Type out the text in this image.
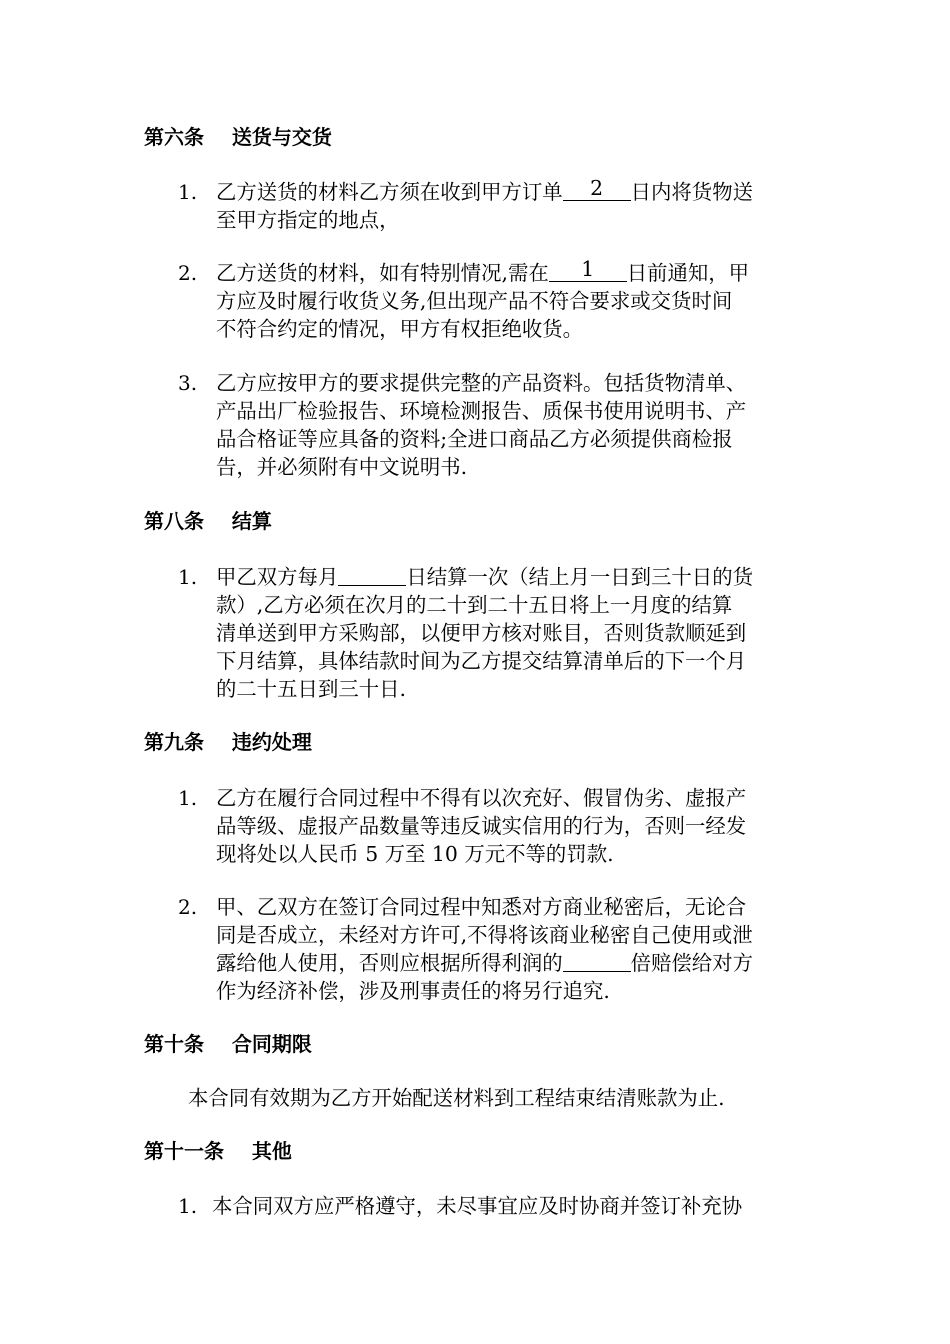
第六条    送货与交货
1. 乙方送货的材料乙方须在收到甲方订单 2 日内将货物送
至甲方指定的地点，
2. 乙方送货的材料，如有特别情况,需在 1 日前通知，甲
方应及时履行收货义务,但出现产品不符合要求或交货时间
不符合约定的情况，甲方有权拒绝收货。
3. 乙方应按甲方的要求提供完整的产品资料。包括货物清单、
产品出厂检验报告、环境检测报告、质保书使用说明书、产
品合格证等应具备的资料;全进口商品乙方必须提供商检报
告，并必须附有中文说明书.
第八条    结算
1. 甲乙双方每月	日结算一次（结上月一日到三十日的货
款）,乙方必须在次月的二十到二十五日将上一月度的结算
清单送到甲方采购部，以便甲方核对账目，否则货款顺延到
下月结算，具体结款时间为乙方提交结算清单后的下一个月
的二十五日到三十日.
第九条    违约处理
1. 乙方在履行合同过程中不得有以次充好、假冒伪劣、虚报产
品等级、虚报产品数量等违反诚实信用的行为，否则一经发
现将处以人民币 5 万至 10 万元不等的罚款.
2. 甲、乙双方在签订合同过程中知悉对方商业秘密后，无论合
同是否成立，未经对方许可,不得将该商业秘密自己使用或泄
露给他人使用，否则应根据所得利润的	倍赔偿给对方
作为经济补偿，涉及刑事责任的将另行追究.
第十条    合同期限
本合同有效期为乙方开始配送材料到工程结束结清账款为止.
第十一条    其他
1. 本合同双方应严格遵守，未尽事宜应及时协商并签订补充协
